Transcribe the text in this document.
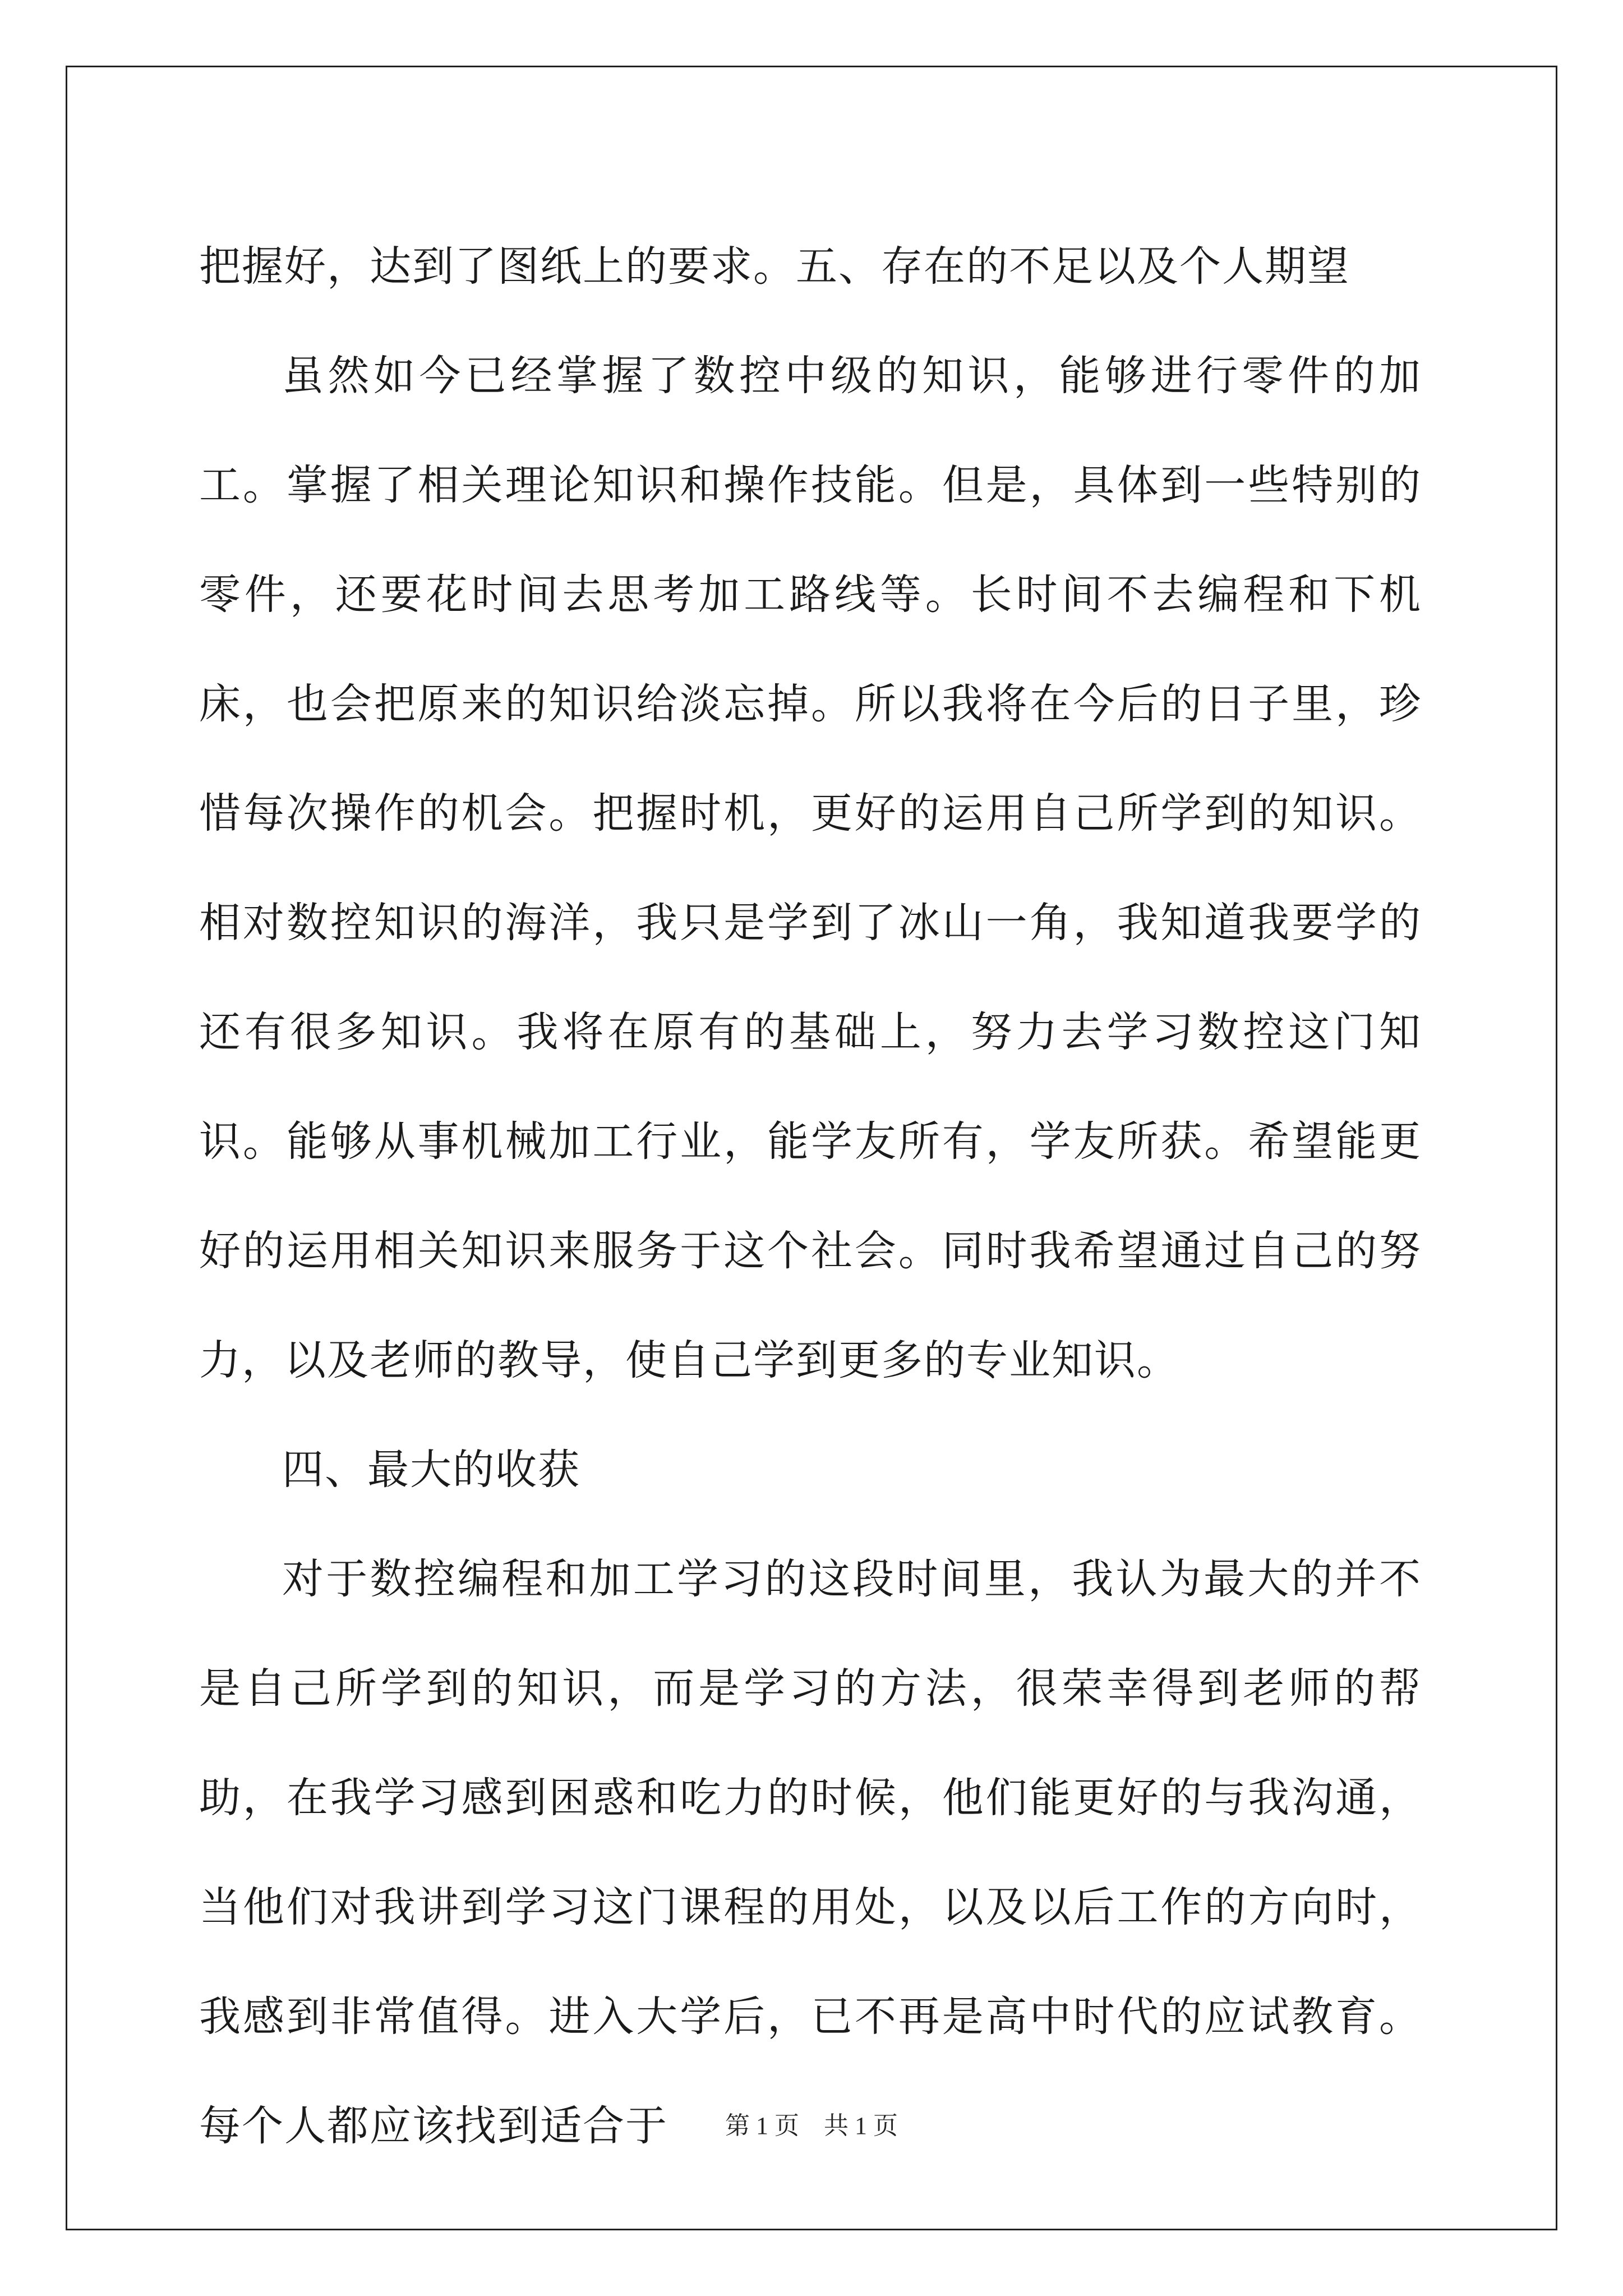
把握好，达到了图纸上的要求。五、存在的不足以及个人期望

虽然如今已经掌握了数控中级的知识，能够进行零件的加工。掌握了相关理论知识和操作技能。但是，具体到一些特别的零件，还要花时间去思考加工路线等。长时间不去编程和下机床，也会把原来的知识给淡忘掉。所以我将在今后的日子里，珍惜每次操作的机会。把握时机，更好的运用自己所学到的知识。相对数控知识的海洋，我只是学到了冰山一角，我知道我要学的还有很多知识。我将在原有的基础上，努力去学习数控这门知识。能够从事机械加工行业，能学友所有，学友所获。希望能更好的运用相关知识来服务于这个社会。同时我希望通过自己的努力，以及老师的教导，使自己学到更多的专业知识。

四、最大的收获

对于数控编程和加工学习的这段时间里，我认为最大的并不是自己所学到的知识，而是学习的方法，很荣幸得到老师的帮助，在我学习感到困惑和吃力的时候，他们能更好的与我沟通，当他们对我讲到学习这门课程的用处，以及以后工作的方向时，我感到非常值得。进入大学后，已不再是高中时代的应试教育。每个人都应该找到适合于	第 1 页　共 1 页
